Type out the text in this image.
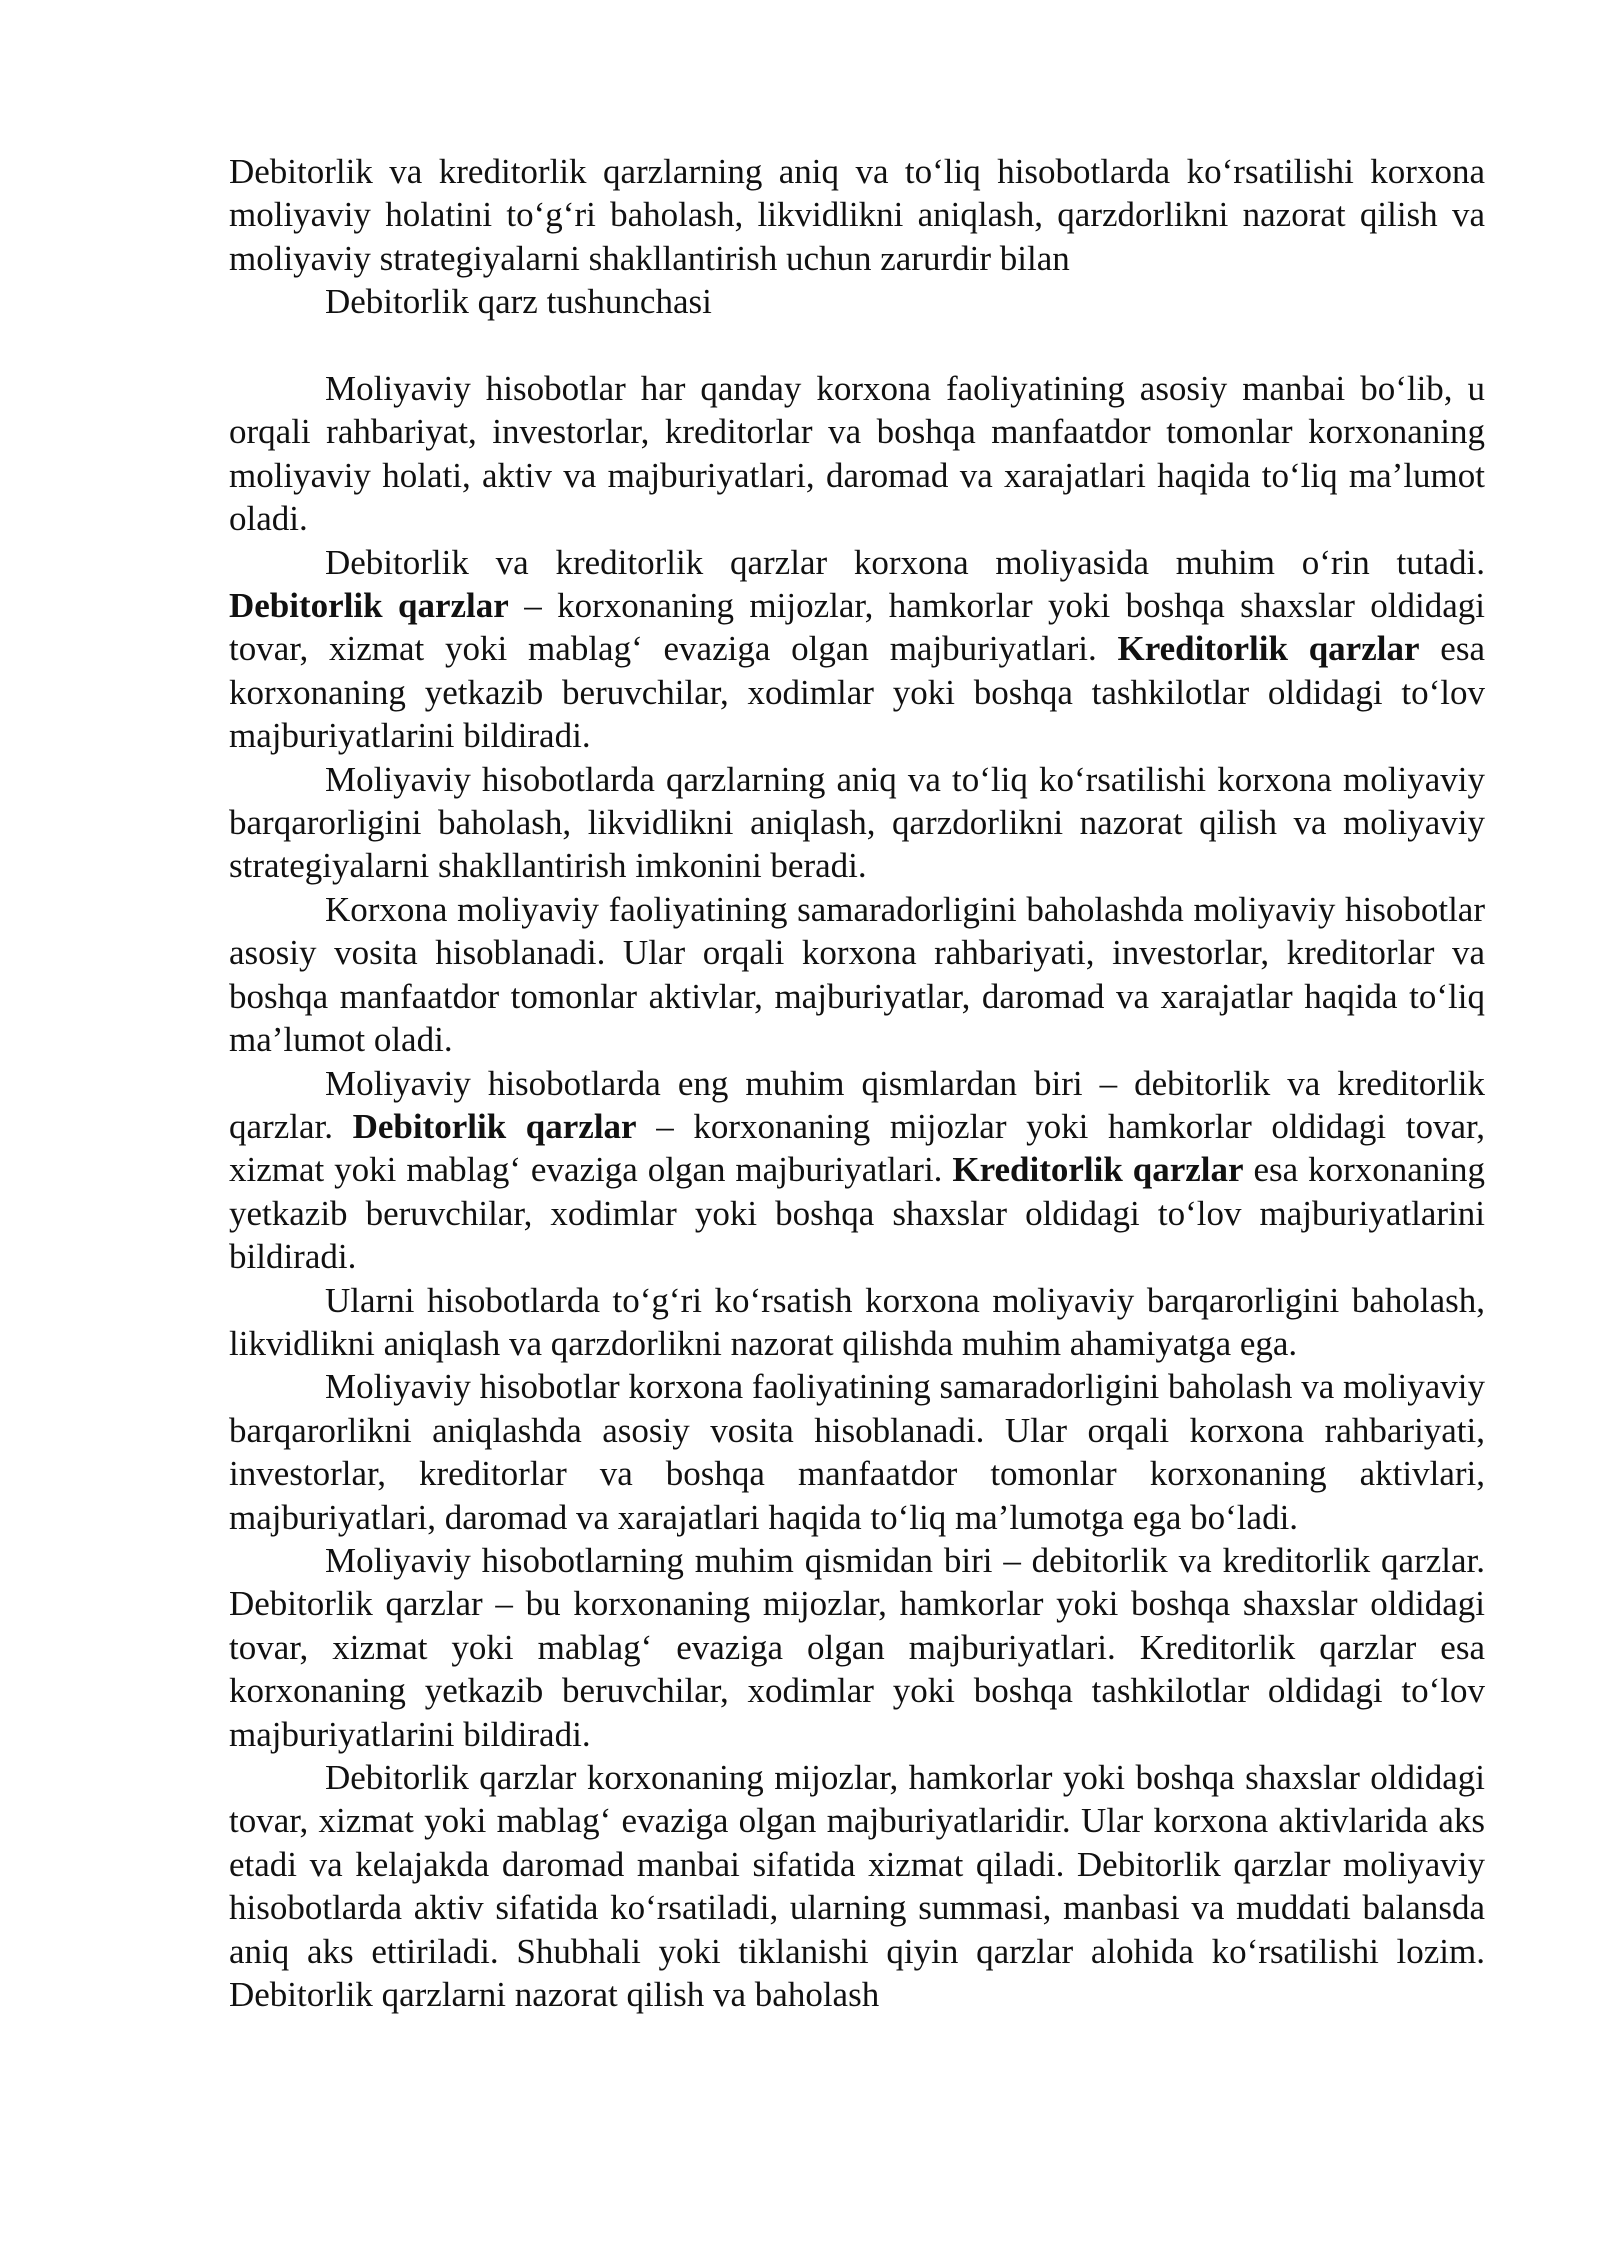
Debitorlik va kreditorlik qarzlarning aniq va to‘liq hisobotlarda ko‘rsatilishi korxona moliyaviy holatini to‘g‘ri baholash, likvidlikni aniqlash, qarzdorlikni nazorat qilish va moliyaviy strategiyalarni shakllantirish uchun zarurdir bilan

Debitorlik qarz tushunchasi

Moliyaviy hisobotlar har qanday korxona faoliyatining asosiy manbai bo‘lib, u orqali rahbariyat, investorlar, kreditorlar va boshqa manfaatdor tomonlar korxonaning moliyaviy holati, aktiv va majburiyatlari, daromad va xarajatlari haqida to‘liq ma’lumot oladi.

Debitorlik va kreditorlik qarzlar korxona moliyasida muhim o‘rin tutadi. Debitorlik qarzlar – korxonaning mijozlar, hamkorlar yoki boshqa shaxslar oldidagi tovar, xizmat yoki mablag‘ evaziga olgan majburiyatlari. Kreditorlik qarzlar esa korxonaning yetkazib beruvchilar, xodimlar yoki boshqa tashkilotlar oldidagi to‘lov majburiyatlarini bildiradi.

Moliyaviy hisobotlarda qarzlarning aniq va to‘liq ko‘rsatilishi korxona moliyaviy barqarorligini baholash, likvidlikni aniqlash, qarzdorlikni nazorat qilish va moliyaviy strategiyalarni shakllantirish imkonini beradi.

Korxona moliyaviy faoliyatining samaradorligini baholashda moliyaviy hisobotlar asosiy vosita hisoblanadi. Ular orqali korxona rahbariyati, investorlar, kreditorlar va boshqa manfaatdor tomonlar aktivlar, majburiyatlar, daromad va xarajatlar haqida to‘liq ma’lumot oladi.

Moliyaviy hisobotlarda eng muhim qismlardan biri – debitorlik va kreditorlik qarzlar. Debitorlik qarzlar – korxonaning mijozlar yoki hamkorlar oldidagi tovar, xizmat yoki mablag‘ evaziga olgan majburiyatlari. Kreditorlik qarzlar esa korxonaning yetkazib beruvchilar, xodimlar yoki boshqa shaxslar oldidagi to‘lov majburiyatlarini bildiradi.

Ularni hisobotlarda to‘g‘ri ko‘rsatish korxona moliyaviy barqarorligini baholash, likvidlikni aniqlash va qarzdorlikni nazorat qilishda muhim ahamiyatga ega.

Moliyaviy hisobotlar korxona faoliyatining samaradorligini baholash va moliyaviy barqarorlikni aniqlashda asosiy vosita hisoblanadi. Ular orqali korxona rahbariyati, investorlar, kreditorlar va boshqa manfaatdor tomonlar korxonaning aktivlari, majburiyatlari, daromad va xarajatlari haqida to‘liq ma’lumotga ega bo‘ladi.

Moliyaviy hisobotlarning muhim qismidan biri – debitorlik va kreditorlik qarzlar. Debitorlik qarzlar – bu korxonaning mijozlar, hamkorlar yoki boshqa shaxslar oldidagi tovar, xizmat yoki mablag‘ evaziga olgan majburiyatlari. Kreditorlik qarzlar esa korxonaning yetkazib beruvchilar, xodimlar yoki boshqa tashkilotlar oldidagi to‘lov majburiyatlarini bildiradi.

Debitorlik qarzlar korxonaning mijozlar, hamkorlar yoki boshqa shaxslar oldidagi tovar, xizmat yoki mablag‘ evaziga olgan majburiyatlaridir. Ular korxona aktivlarida aks etadi va kelajakda daromad manbai sifatida xizmat qiladi. Debitorlik qarzlar moliyaviy hisobotlarda aktiv sifatida ko‘rsatiladi, ularning summasi, manbasi va muddati balansda aniq aks ettiriladi. Shubhali yoki tiklanishi qiyin qarzlar alohida ko‘rsatilishi lozim. Debitorlik qarzlarni nazorat qilish va baholash
